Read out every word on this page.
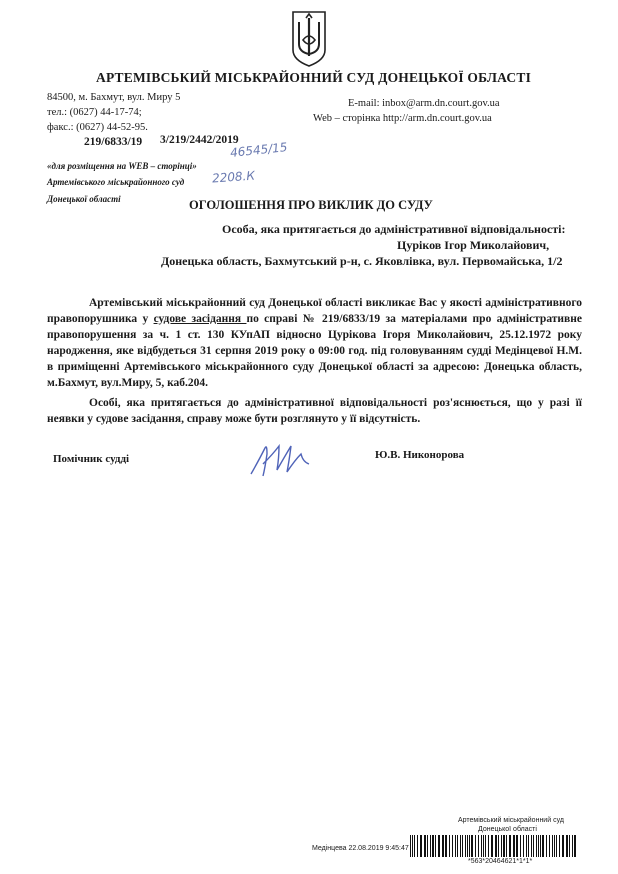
АРТЕМІВСЬКИЙ МІСЬКРАЙОННИЙ СУД ДОНЕЦЬКОЇ ОБЛАСТІ
84500, м. Бахмут, вул. Миру 5
тел.: (0627) 44-17-74;
факс.: (0627) 44-52-95.
E-mail: inbox@arm.dn.court.gov.ua
Web – сторінка http://arm.dn.court.gov.ua
219/6833/19 3/219/2442/2019
46545/15
2208.К
«для розміщення на WEB – сторінці»
Артемівського міськрайонного суд
Донецької області	ОГОЛОШЕННЯ ПРО ВИКЛИК ДО СУДУ
Особа, яка притягається до адміністративної відповідальності:
Цуріков Ігор Миколайович,
Донецька область, Бахмутський р-н, с. Яковлівка, вул. Первомайська, 1/2

Артемівський міськрайонний суд Донецької області викликає Вас у якості адміністративного правопорушника у судове засідання по справі № 219/6833/19 за матеріалами про адміністративне правопорушення за ч. 1 ст. 130 КУпАП відносно Цурікова Ігоря Миколайович, 25.12.1972 року народження, яке відбудеться 31 серпня 2019 року о 09:00 год. під головуванням судді Медінцевої Н.М. в приміщенні Артемівського міськрайонного суду Донецької області за адресою: Донецька область, м.Бахмут, вул.Миру, 5, каб.204.

Особі, яка притягається до адміністративної відповідальності роз'яснюється, що у разі її неявки у судове засідання, справу може бути розглянуто у її відсутність.

Помічник судді	Ю.В. Никонорова
Артемівський міськрайонний суд
Донецької області
Медінцева 22.08.2019 9:45:47
*563*20464621*1*1*
